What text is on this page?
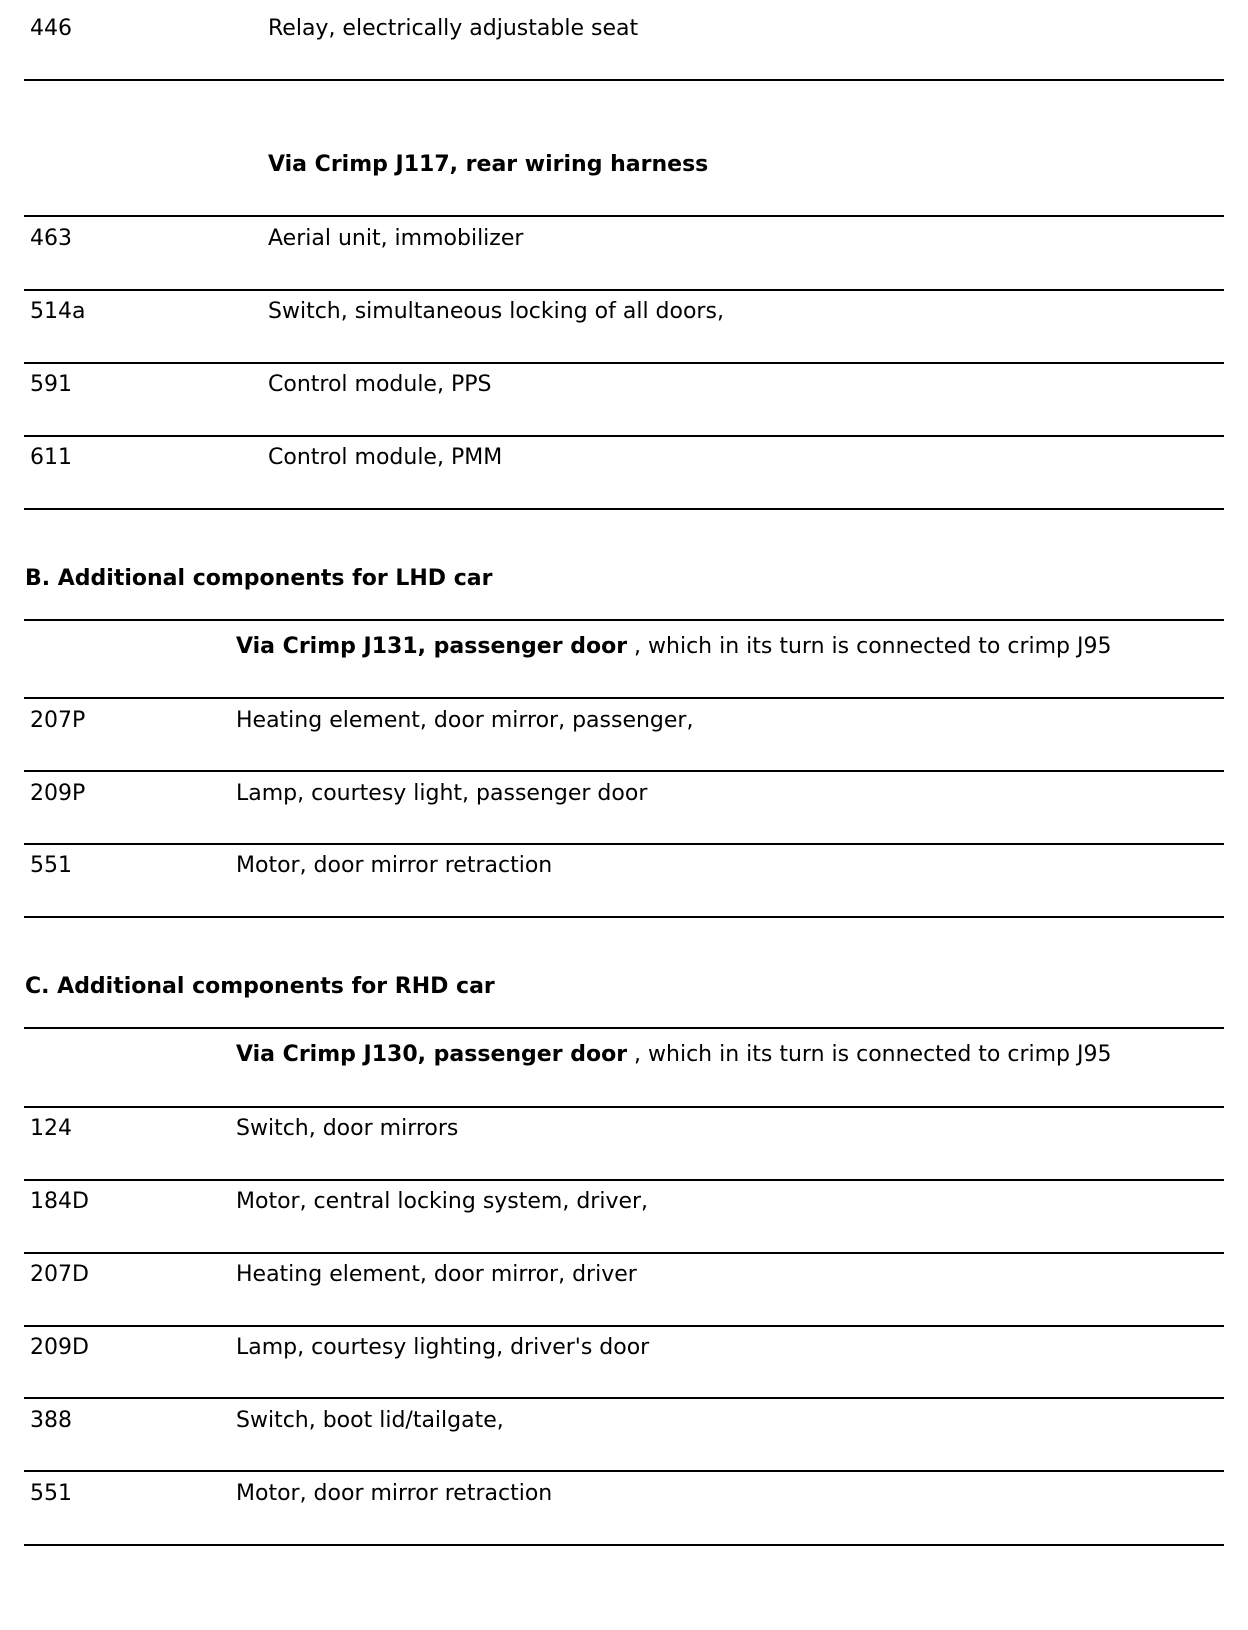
446	Relay, electrically adjustable seat
Via Crimp J117, rear wiring harness
463	Aerial unit, immobilizer
514a	Switch, simultaneous locking of all doors,
591	Control module, PPS
611	Control module, PMM
B. Additional components for LHD car
Via Crimp J131, passenger door , which in its turn is connected to crimp J95
207P	Heating element, door mirror, passenger,
209P	Lamp, courtesy light, passenger door
551	Motor, door mirror retraction
C. Additional components for RHD car
Via Crimp J130, passenger door , which in its turn is connected to crimp J95
124	Switch, door mirrors
184D	Motor, central locking system, driver,
207D	Heating element, door mirror, driver
209D	Lamp, courtesy lighting, driver's door
388	Switch, boot lid/tailgate,
551	Motor, door mirror retraction
